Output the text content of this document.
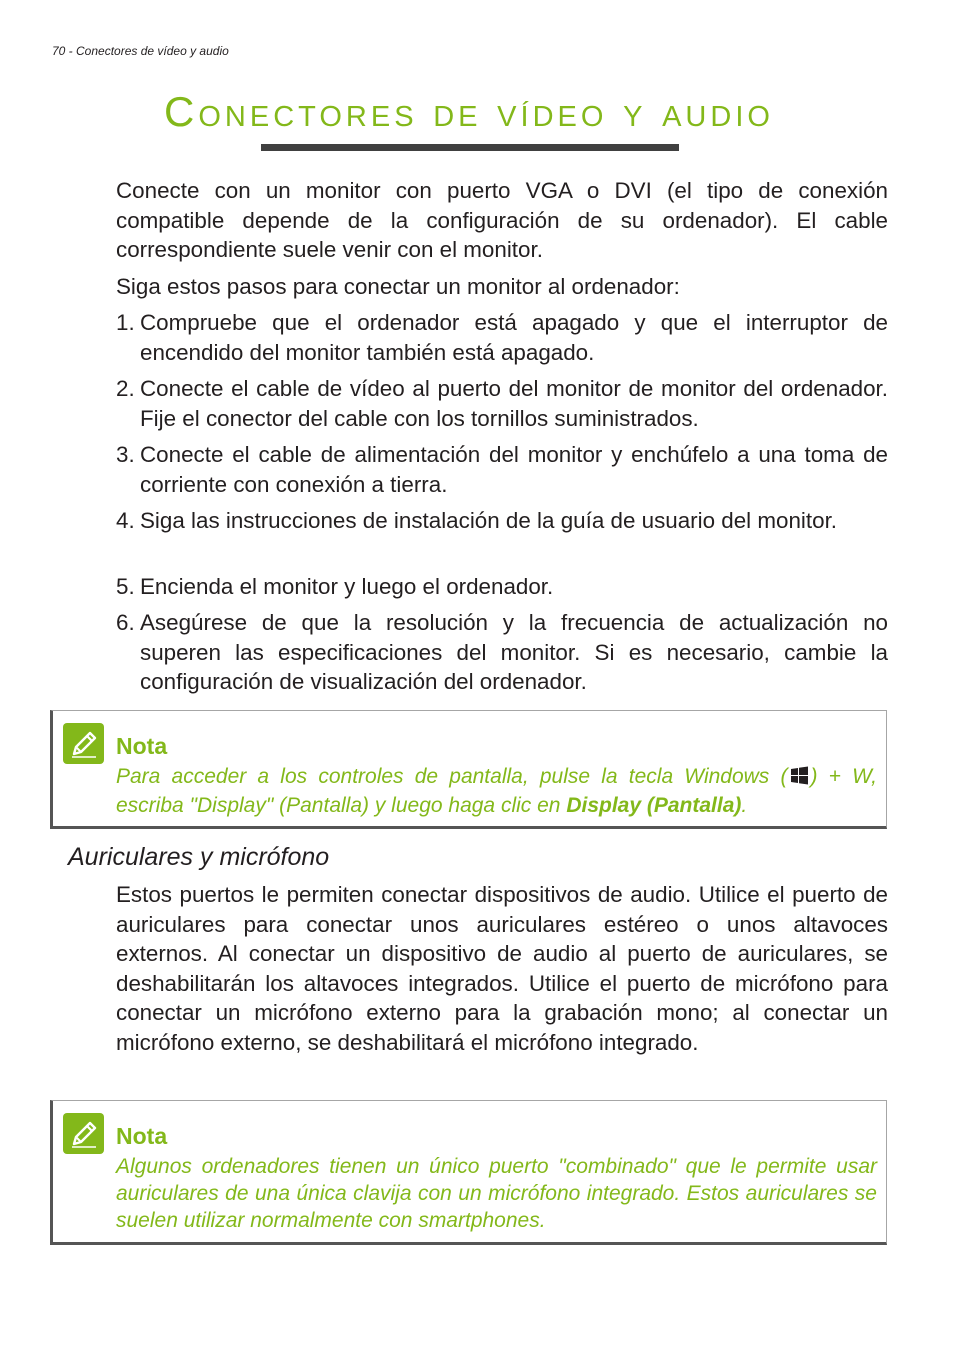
70 - Conectores de vídeo y audio
Conectores de vídeo y audio

Conecte con un monitor con puerto VGA o DVI (el tipo de conexión compatible depende de la configuración de su ordenador). El cable correspondiente suele venir con el monitor.

Siga estos pasos para conectar un monitor al ordenador:

1. Compruebe que el ordenador está apagado y que el interruptor de encendido del monitor también está apagado.
2. Conecte el cable de vídeo al puerto del monitor de monitor del ordenador. Fije el conector del cable con los tornillos suministrados.
3. Conecte el cable de alimentación del monitor y enchúfelo a una toma de corriente con conexión a tierra.
4. Siga las instrucciones de instalación de la guía de usuario del monitor.
5. Encienda el monitor y luego el ordenador.
6. Asegúrese de que la resolución y la frecuencia de actualización no superen las especificaciones del monitor. Si es necesario, cambie la configuración de visualización del ordenador.
Nota

Para acceder a los controles de pantalla, pulse la tecla Windows ( ) + W, escriba "Display" (Pantalla) y luego haga clic en Display (Pantalla).

Auriculares y micrófono

Estos puertos le permiten conectar dispositivos de audio. Utilice el puerto de auriculares para conectar unos auriculares estéreo o unos altavoces externos. Al conectar un dispositivo de audio al puerto de auriculares, se deshabilitarán los altavoces integrados. Utilice el puerto de micrófono para conectar un micrófono externo para la grabación mono; al conectar un micrófono externo, se deshabilitará el micrófono integrado.

Nota

Algunos ordenadores tienen un único puerto "combinado" que le permite usar auriculares de una única clavija con un micrófono integrado. Estos auriculares se suelen utilizar normalmente con smartphones.
